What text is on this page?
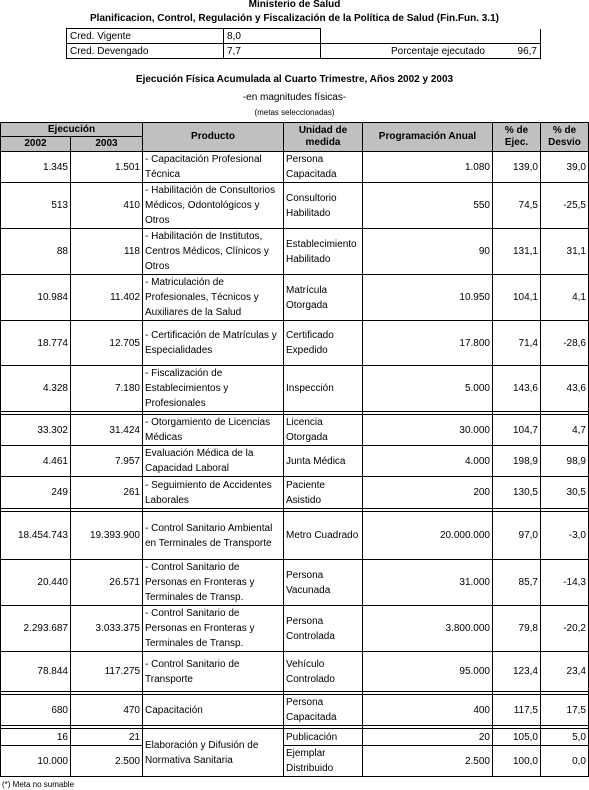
Ministerio de Salud
Planificacion, Control, Regulación y Fiscalización de la Política de Salud (Fin.Fun. 3.1)
Cred. Vigente	8,0	
Cred. Devengado	7,7	Porcentaje ejecutado 96,7
Ejecución Física Acumulada al Cuarto Trimestre, Años 2002 y 2003
-en magnitudes físicas-
(metas seleccionadas)
Ejecución		Producto	Unidad de medida	Programación Anual	% de Ejec.	% de Desvio
2002	2003					
1.345	1.501	- Capacitación Profesional Técnica	Persona Capacitada	1.080	139,0	39,0
513	410	- Habilitación de Consultorios Médicos, Odontológicos y Otros	Consultorio Habilitado	550	74,5	-25,5
88	118	- Habilitación de Institutos, Centros Médicos, Clínicos y Otros	Establecimiento Habilitado	90	131,1	31,1
10.984	11.402	- Matriculación de Profesionales, Técnicos y Auxiliares de la Salud	Matrícula Otorgada	10.950	104,1	4,1
18.774	12.705	- Certificación de Matrículas y Especialidades	Certificado Expedido	17.800	71,4	-28,6
4.328	7.180	- Fiscalización de Establecimientos y Profesionales	Inspección	5.000	143,6	43,6

33.302	31.424	- Otorgamiento de Licencias Médicas	Licencia Otorgada	30.000	104,7	4,7
4.461	7.957	Evaluación Médica de la Capacidad Laboral	Junta Médica	4.000	198,9	98,9
249	261	- Seguimiento de Accidentes Laborales	Paciente Asistido	200	130,5	30,5

18.454.743	19.393.900	- Control Sanitario Ambiental en Terminales de Transporte	Metro Cuadrado	20.000.000	97,0	-3,0
20.440	26.571	- Control Sanitario de Personas en Fronteras y Terminales de Transp.	Persona Vacunada	31.000	85,7	-14,3
2.293.687	3.033.375	- Control Sanitario de Personas en Fronteras y Terminales de Transp.	Persona Controlada	3.800.000	79,8	-20,2
78.844	117.275	- Control Sanitario de Transporte	Vehículo Controlado	95.000	123,4	23,4

680	470	Capacitación	Persona Capacitada	400	117,5	17,5

16	21	Elaboración y Difusión de Normativa Sanitaria	Publicación	20	105,0	5,0
10.000	2.500		Ejemplar Distribuido	2.500	100,0	0,0
(*) Meta no sumable
